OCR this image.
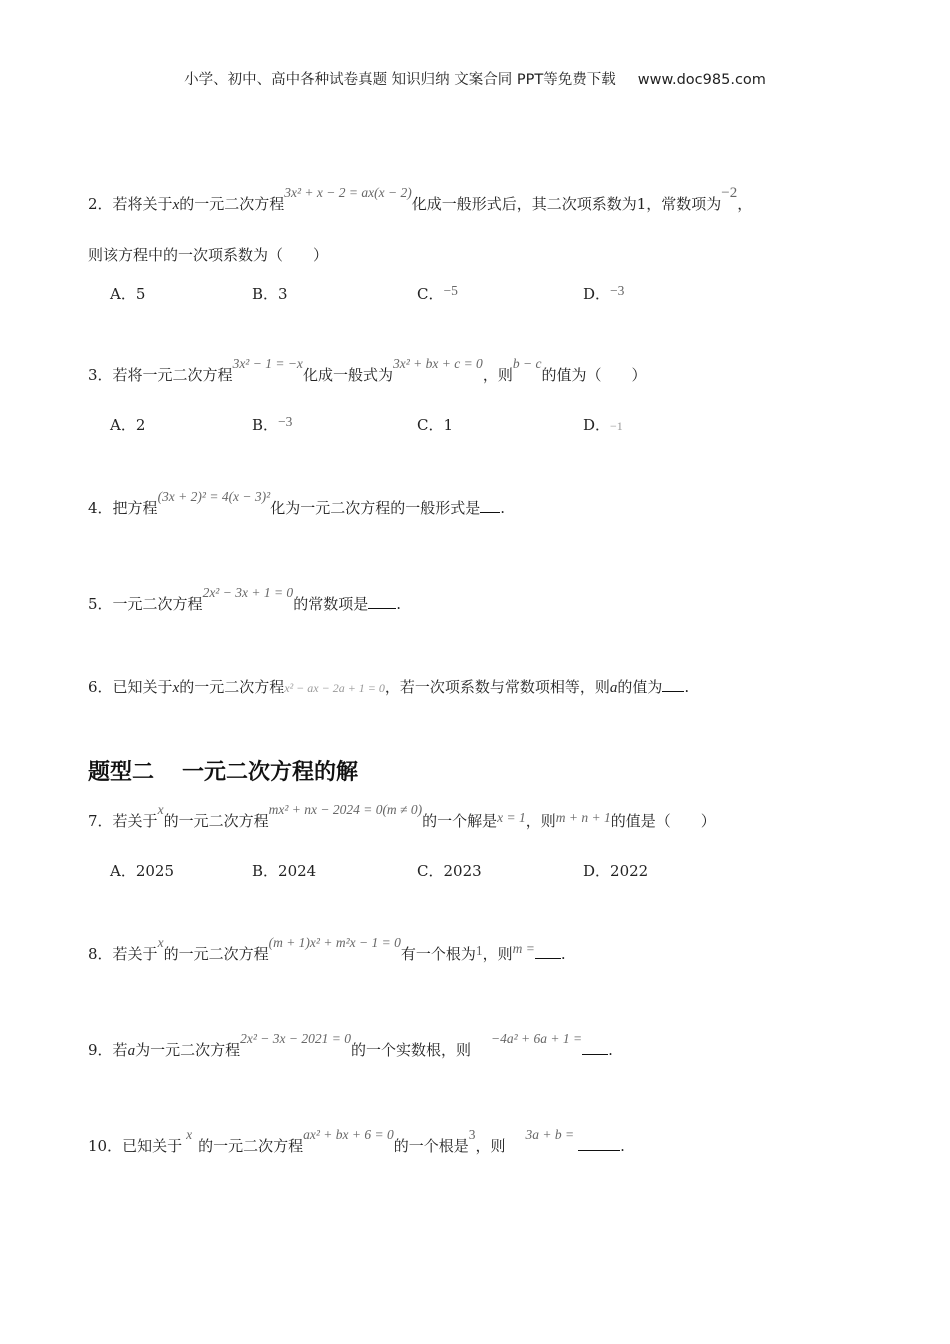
小学、初中、高中各种试卷真题 知识归纳 文案合同 PPT等免费下载 www.doc985.com
2．若将关于x的一元二次方程3x² + x − 2 = ax(x − 2)化成一般形式后，其二次项系数为1，常数项为−2，
则该方程中的一次项系数为（　　）
A．5	B．3	C．−5	D．−3
3．若将一元二次方程3x² − 1 = −x化成一般式为3x² + bx + c = 0，则b − c的值为（　　）
A．2	B．−3	C．1	D．−1
4．把方程(3x + 2)² = 4(x − 3)²化为一元二次方程的一般形式是 .
5．一元二次方程2x² − 3x + 1 = 0的常数项是 .
6．已知关于x的一元二次方程x² − ax − 2a + 1 = 0，若一次项系数与常数项相等，则a的值为 .
题型二 一元二次方程的解
7．若关于x的一元二次方程mx² + nx − 2024 = 0(m ≠ 0)的一个解是x = 1，则m + n + 1的值是（　　）
A．2025	B．2024	C．2023	D．2022
8．若关于x的一元二次方程(m + 1)x² + m²x − 1 = 0有一个根为1，则m = .
9．若a为一元二次方程2x² − 3x − 2021 = 0的一个实数根，则−4a² + 6a + 1 =.
10．已知关于x的一元二次方程ax² + bx + 6 = 0的一个根是3，则3a + b =.
